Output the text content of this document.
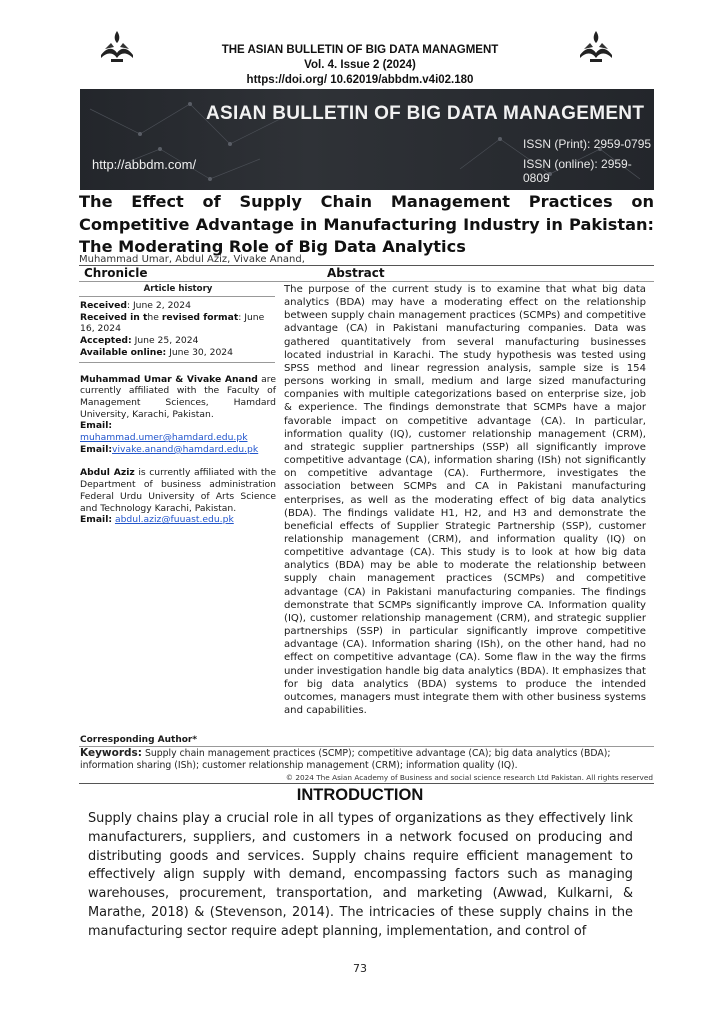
THE ASIAN BULLETIN OF BIG DATA MANAGMENT
Vol. 4. Issue 2 (2024)
https://doi.org/ 10.62019/abbdm.v4i02.180
ASIAN BULLETIN OF BIG DATA MANAGEMENT
ISSN (Print): 2959-0795
ISSN (online): 2959-0809
http://abbdm.com/
The Effect of Supply Chain Management Practices on Competitive Advantage in Manufacturing Industry in Pakistan: The Moderating Role of Big Data Analytics
Muhammad Umar, Abdul Aziz, Vivake Anand,
Chronicle	Abstract
Article history
Received: June 2, 2024
Received in the revised format: June 16, 2024
Accepted: June 25, 2024
Available online: June 30, 2024
Muhammad Umar & Vivake Anand are currently affiliated with the Faculty of Management Sciences, Hamdard University, Karachi, Pakistan.
Email:
muhammad.umer@hamdard.edu.pk
Email:vivake.anand@hamdard.edu.pk
Abdul Aziz is currently affiliated with the Department of business administration Federal Urdu University of Arts Science and Technology Karachi, Pakistan.
Email: abdul.aziz@fuuast.edu.pk
Corresponding Author*
The purpose of the current study is to examine that what big data analytics (BDA) may have a moderating effect on the relationship between supply chain management practices (SCMPs) and competitive advantage (CA) in Pakistani manufacturing companies. Data was gathered quantitatively from several manufacturing businesses located industrial in Karachi. The study hypothesis was tested using SPSS method and linear regression analysis, sample size is 154 persons working in small, medium and large sized manufacturing companies with multiple categorizations based on enterprise size, job & experience. The findings demonstrate that SCMPs have a major favorable impact on competitive advantage (CA). In particular, information quality (IQ), customer relationship management (CRM), and strategic supplier partnerships (SSP) all significantly improve competitive advantage (CA), information sharing (ISh) not significantly on competitive advantage (CA). Furthermore, investigates the association between SCMPs and CA in Pakistani manufacturing enterprises, as well as the moderating effect of big data analytics (BDA). The findings validate H1, H2, and H3 and demonstrate the beneficial effects of Supplier Strategic Partnership (SSP), customer relationship management (CRM), and information quality (IQ) on competitive advantage (CA). This study is to look at how big data analytics (BDA) may be able to moderate the relationship between supply chain management practices (SCMPs) and competitive advantage (CA) in Pakistani manufacturing companies. The findings demonstrate that SCMPs significantly improve CA. Information quality (IQ), customer relationship management (CRM), and strategic supplier partnerships (SSP) in particular significantly improve competitive advantage (CA). Information sharing (ISh), on the other hand, had no effect on competitive advantage (CA). Some flaw in the way the firms under investigation handle big data analytics (BDA). It emphasizes that for big data analytics (BDA) systems to produce the intended outcomes, managers must integrate them with other business systems and capabilities.
Keywords: Supply chain management practices (SCMP); competitive advantage (CA); big data analytics (BDA); information sharing (ISh); customer relationship management (CRM); information quality (IQ).
© 2024 The Asian Academy of Business and social science research Ltd Pakistan. All rights reserved
INTRODUCTION
Supply chains play a crucial role in all types of organizations as they effectively link manufacturers, suppliers, and customers in a network focused on producing and distributing goods and services. Supply chains require efficient management to effectively align supply with demand, encompassing factors such as managing warehouses, procurement, transportation, and marketing (Awwad, Kulkarni, & Marathe, 2018) & (Stevenson, 2014). The intricacies of these supply chains in the manufacturing sector require adept planning, implementation, and control of
73
